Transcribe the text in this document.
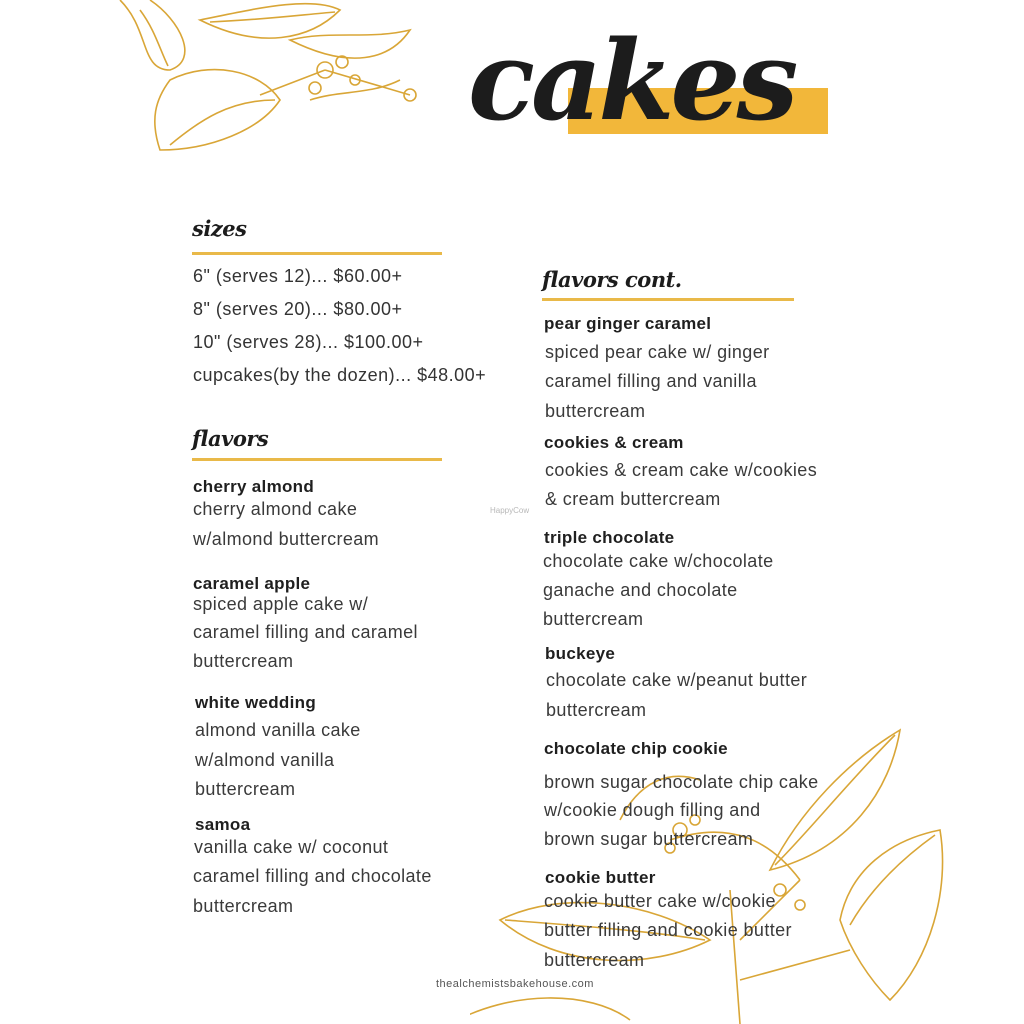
cakes
sizes
6" (serves 12)... $60.00+
8" (serves 20)... $80.00+
10" (serves 28)... $100.00+
cupcakes(by the dozen)... $48.00+
flavors
cherry almond
cherry almond cake
w/almond buttercream
caramel apple
spiced apple cake w/
caramel filling and caramel
buttercream
white wedding
almond vanilla cake
w/almond vanilla
buttercream
samoa
vanilla cake w/ coconut
caramel filling and chocolate
buttercream
flavors cont.
pear ginger caramel
spiced pear cake w/ ginger
caramel filling and vanilla
buttercream
cookies & cream
cookies & cream cake w/cookies
& cream buttercream
triple chocolate
chocolate cake w/chocolate
ganache and chocolate
buttercream
buckeye
chocolate cake w/peanut butter
buttercream
chocolate chip cookie
brown sugar chocolate chip cake
w/cookie dough filling and
brown sugar buttercream
cookie butter
cookie butter cake w/cookie
butter filling and cookie butter
buttercream
HappyCow
thealchemistsbakehouse.com
